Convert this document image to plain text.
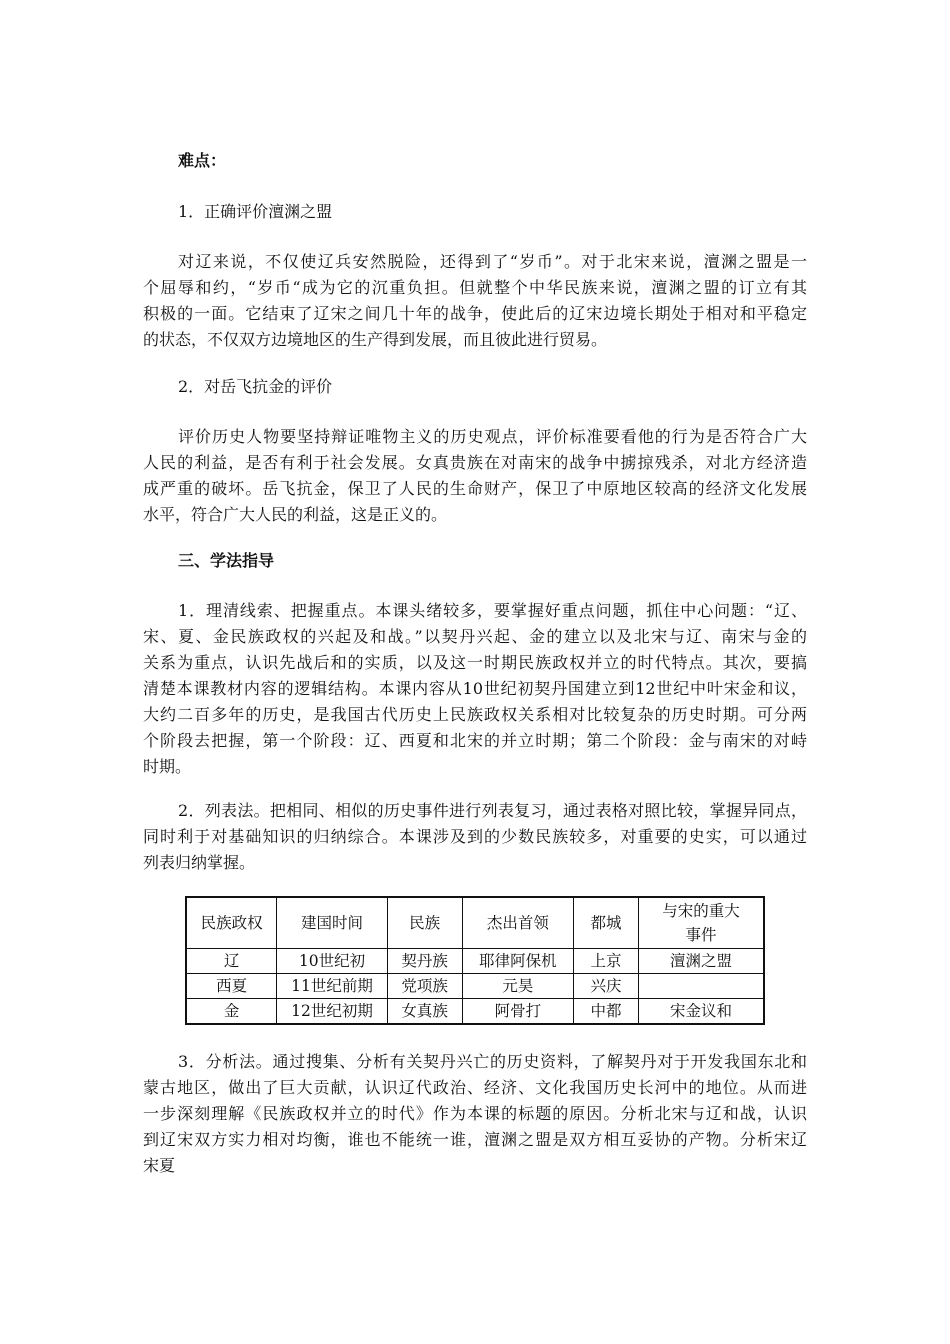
难点：
1．正确评价澶渊之盟
对辽来说，不仅使辽兵安然脱险，还得到了“岁币”。对于北宋来说，澶渊之盟是一
个屈辱和约，“岁币“成为它的沉重负担。但就整个中华民族来说，澶渊之盟的订立有其
积极的一面。它结束了辽宋之间几十年的战争，使此后的辽宋边境长期处于相对和平稳定
的状态，不仅双方边境地区的生产得到发展，而且彼此进行贸易。
2．对岳飞抗金的评价
评价历史人物要坚持辩证唯物主义的历史观点，评价标准要看他的行为是否符合广大
人民的利益，是否有利于社会发展。女真贵族在对南宋的战争中掳掠残杀，对北方经济造
成严重的破坏。岳飞抗金，保卫了人民的生命财产，保卫了中原地区较高的经济文化发展
水平，符合广大人民的利益，这是正义的。
三、学法指导
1．理清线索、把握重点。本课头绪较多，要掌握好重点问题，抓住中心问题：“辽、
宋、夏、金民族政权的兴起及和战。”以契丹兴起、金的建立以及北宋与辽、南宋与金的
关系为重点，认识先战后和的实质，以及这一时期民族政权并立的时代特点。其次，要搞
清楚本课教材内容的逻辑结构。本课内容从10世纪初契丹国建立到12世纪中叶宋金和议，
大约二百多年的历史，是我国古代历史上民族政权关系相对比较复杂的历史时期。可分两
个阶段去把握，第一个阶段：辽、西夏和北宋的并立时期；第二个阶段：金与南宋的对峙
时期。
2．列表法。把相同、相似的历史事件进行列表复习，通过表格对照比较，掌握异同点，
同时利于对基础知识的归纳综合。本课涉及到的少数民族较多，对重要的史实，可以通过
列表归纳掌握。
民族政权	建国时间	民族	杰出首领	都城	与宋的重大
事件

辽	10世纪初	契丹族	耶律阿保机	上京	澶渊之盟
西夏	11世纪前期	党项族	元昊	兴庆	
金	12世纪初期	女真族	阿骨打	中都	宋金议和
3．分析法。通过搜集、分析有关契丹兴亡的历史资料，了解契丹对于开发我国东北和
蒙古地区，做出了巨大贡献，认识辽代政治、经济、文化我国历史长河中的地位。从而进
一步深刻理解《民族政权并立的时代》作为本课的标题的原因。分析北宋与辽和战，认识
到辽宋双方实力相对均衡，谁也不能统一谁，澶渊之盟是双方相互妥协的产物。分析宋辽
宋夏
